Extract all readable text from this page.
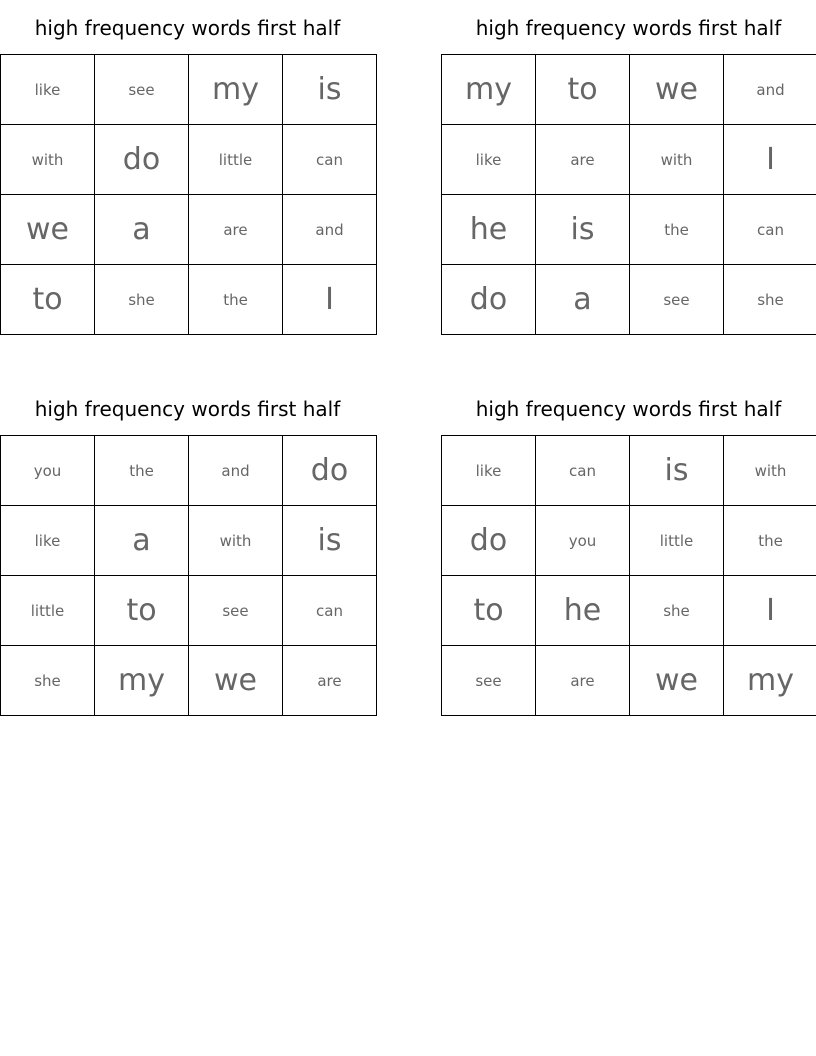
high frequency words first half
like	see	my	is
with	do	little	can
we	a	are	and
to	she	the	I
high frequency words first half
my	to	we	and
like	are	with	I
he	is	the	can
do	a	see	she
high frequency words first half
you	the	and	do
like	a	with	is
little	to	see	can
she	my	we	are
high frequency words first half
like	can	is	with
do	you	little	the
to	he	she	I
see	are	we	my
